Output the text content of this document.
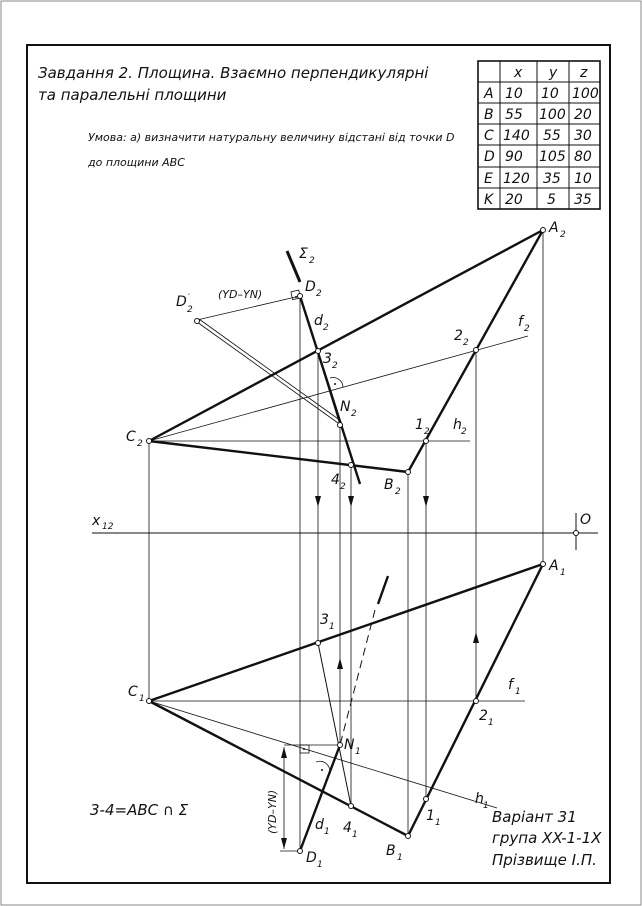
Завдання 2. Площина. Взаємно перпендикулярні
та паралельні площини
Умова: а) визначити натуральну величину відстані від точки D
до площини ABC
x y z
A 10 10 100
B 55 100 20
C 140 55 30
D 90 105 80
E 120 35 10
K 20 5 35
x 12	O
Σ 2
(YD–YN)
D 2
′
D 2
d 2
3 2
N 2
A 2
f 2
2 2
C 2
1 2 h 2
4 2	B 2
(YD–YN)
A 1
3 1
f 1
C 1
2 1
N 1
h 1
1 1
d 1 4 1
B 1
D 1
3-4=ABC ∩ Σ	Варіант 31
група XX-1-1X
Прізвище І.П.
